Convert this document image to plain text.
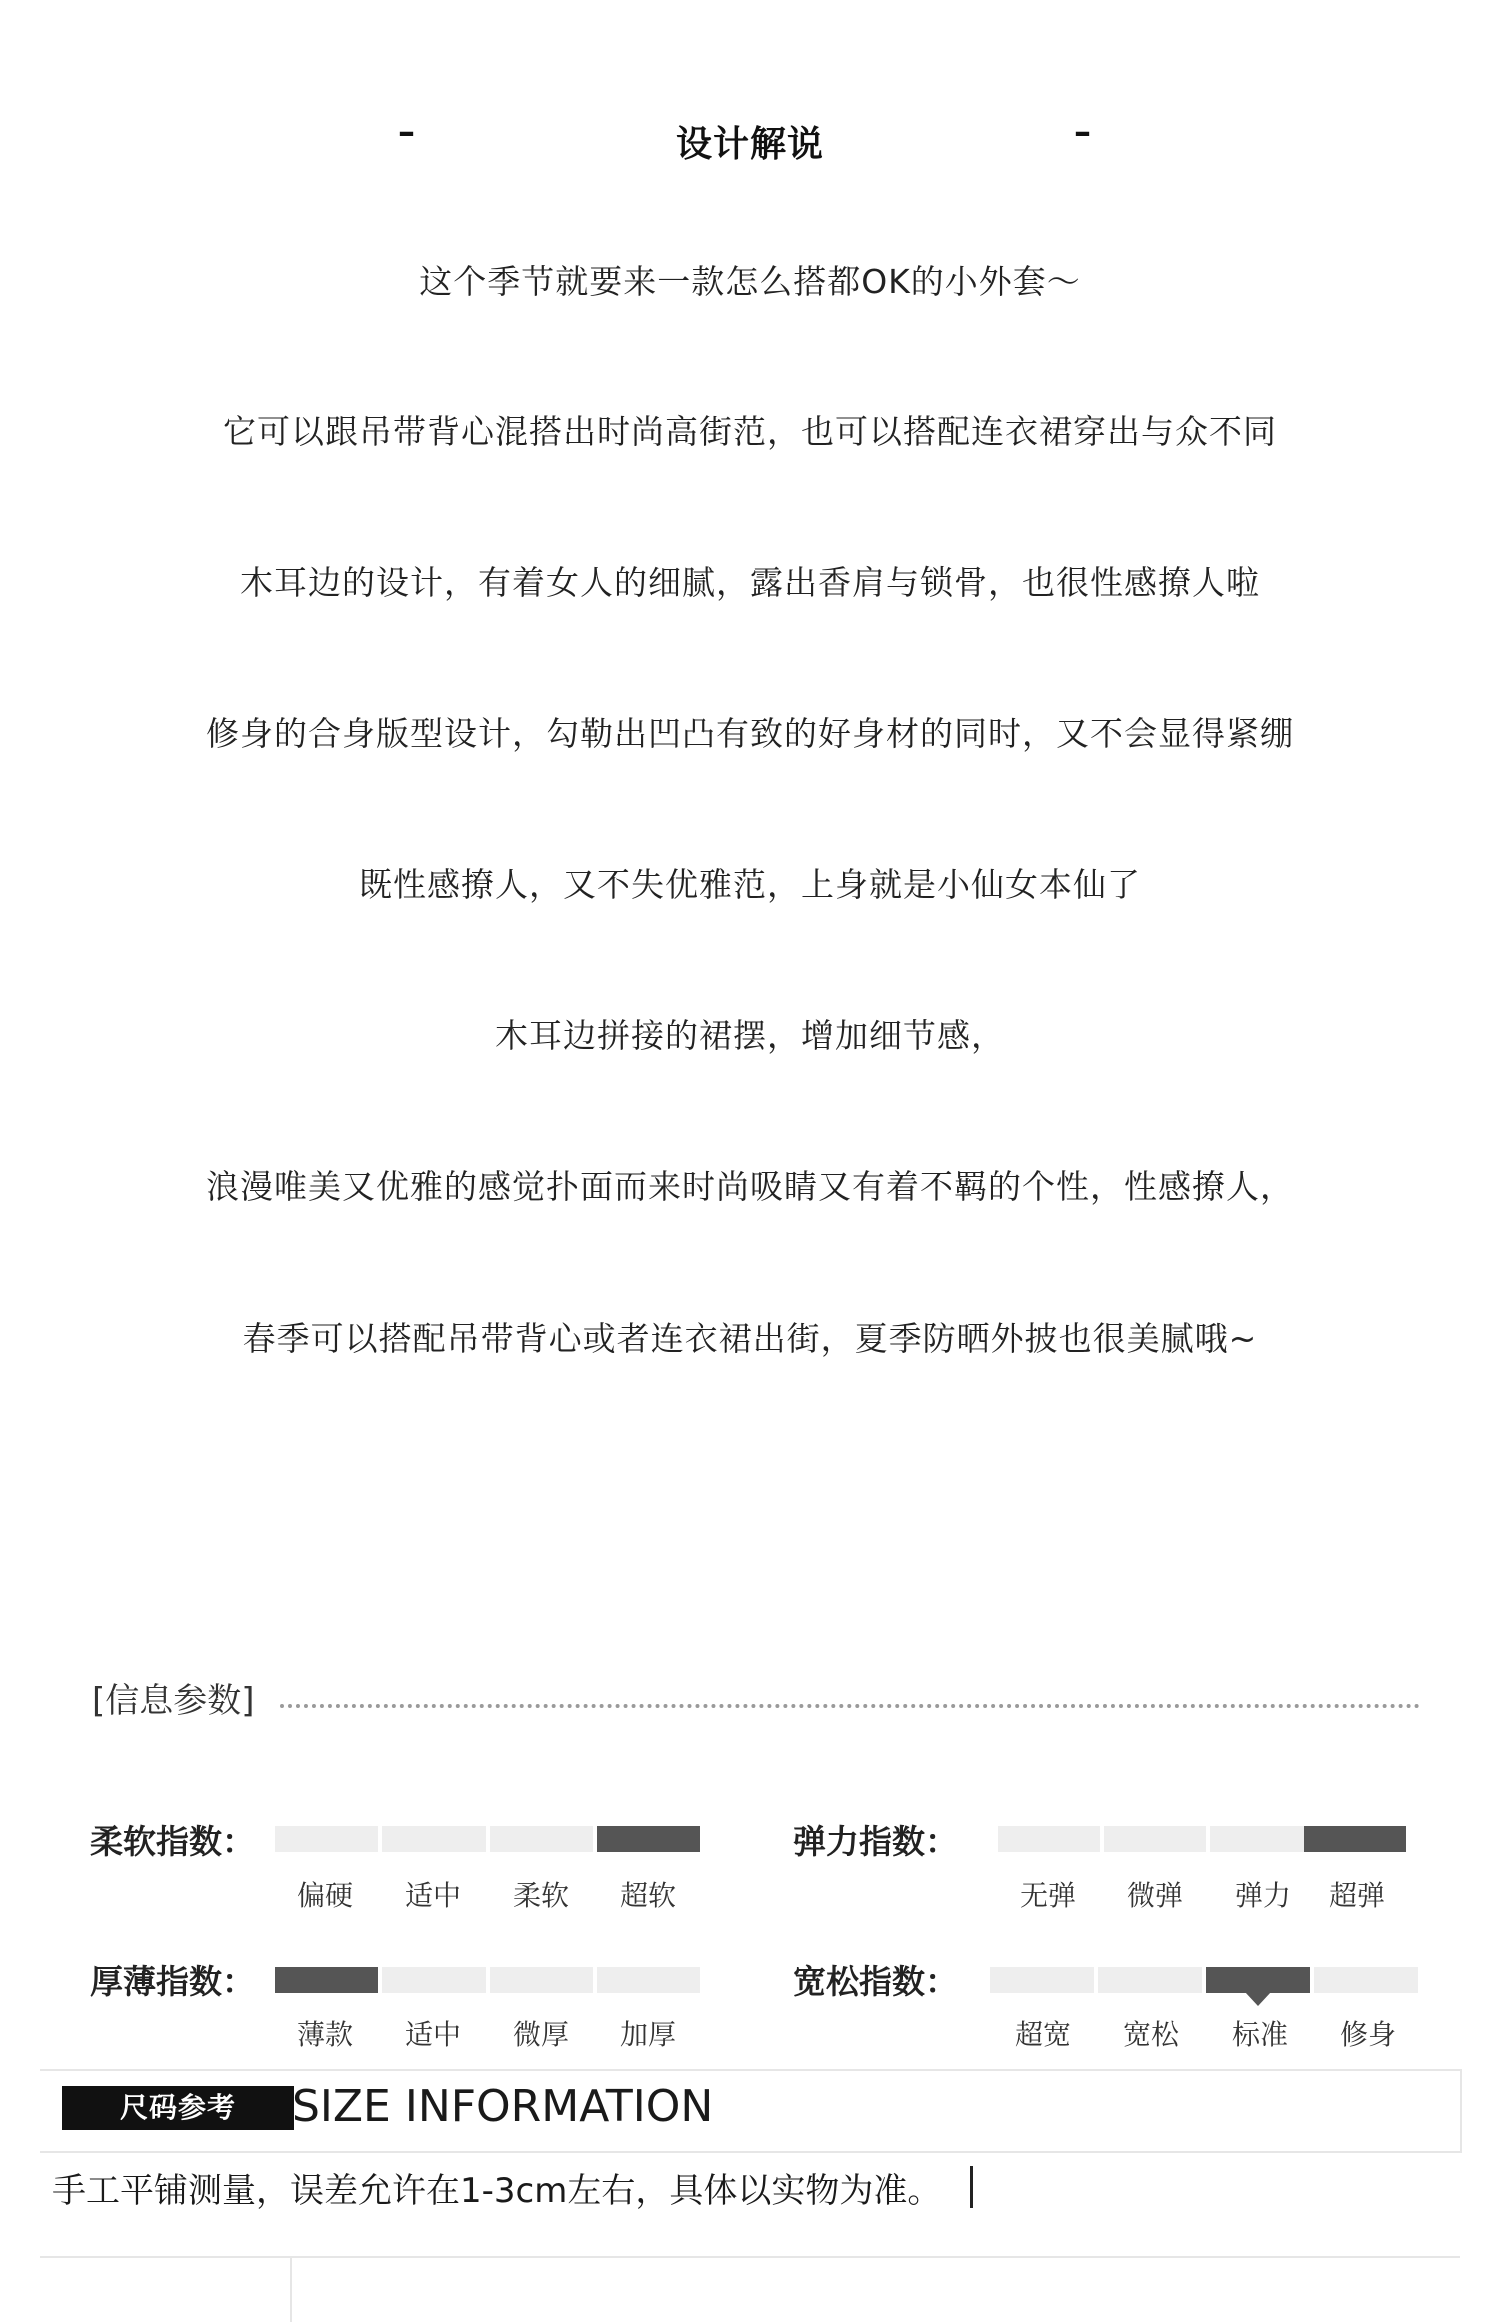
–	设计解说	–
这个季节就要来一款怎么搭都OK的小外套～
它可以跟吊带背心混搭出时尚高街范，也可以搭配连衣裙穿出与众不同
木耳边的设计，有着女人的细腻，露出香肩与锁骨，也很性感撩人啦
修身的合身版型设计，勾勒出凹凸有致的好身材的同时，又不会显得紧绷
既性感撩人，又不失优雅范，上身就是小仙女本仙了
木耳边拼接的裙摆，增加细节感，
浪漫唯美又优雅的感觉扑面而来时尚吸睛又有着不羁的个性，性感撩人，
春季可以搭配吊带背心或者连衣裙出街，夏季防晒外披也很美腻哦~
[信息参数]
柔软指数：
偏硬	适中	柔软	超软
弹力指数：
无弹	微弹	弹力	超弹
厚薄指数：
薄款	适中	微厚	加厚
宽松指数：
超宽	宽松	标准	修身
尺码参考	SIZE INFORMATION
手工平铺测量，误差允许在1-3cm左右，具体以实物为准。
